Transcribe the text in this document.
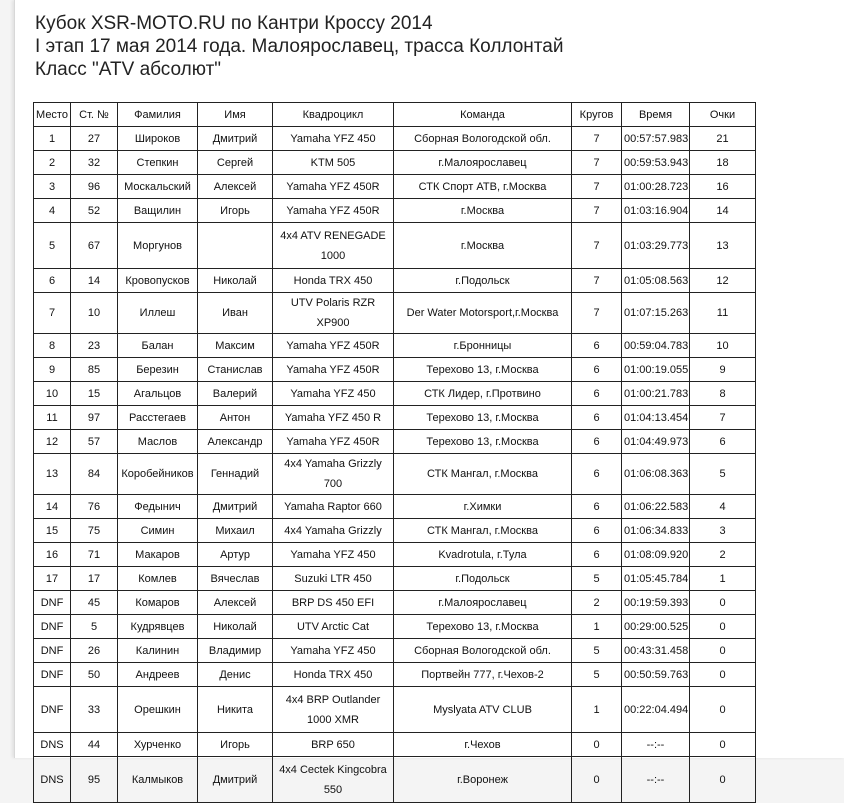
Кубок XSR-MOTO.RU по Кантри Кроссу 2014
I этап 17 мая 2014 года. Малоярославец, трасса Коллонтай
Класс "ATV абсолют"
Место	Ст. №	Фамилия	Имя	Квадроцикл	Команда	Кругов	Время	Очки
1	27	Широков	Дмитрий	Yamaha YFZ 450	Сборная Вологодской обл.	7	00:57:57.983	21
2	32	Степкин	Сергей	KTM 505	г.Малоярославец	7	00:59:53.943	18
3	96	Москальский	Алексей	Yamaha YFZ 450R	СТК Спорт АТВ, г.Москва	7	01:00:28.723	16
4	52	Ващилин	Игорь	Yamaha YFZ 450R	г.Москва	7	01:03:16.904	14
5	67	Моргунов		4x4 ATV RENEGADE 1000	г.Москва	7	01:03:29.773	13
6	14	Кровопусков	Николай	Honda TRX 450	г.Подольск	7	01:05:08.563	12
7	10	Иллеш	Иван	UTV Polaris RZR XP900	Der Water Motorsport,г.Москва	7	01:07:15.263	11
8	23	Балан	Максим	Yamaha YFZ 450R	г.Бронницы	6	00:59:04.783	10
9	85	Березин	Станислав	Yamaha YFZ 450R	Терехово 13, г.Москва	6	01:00:19.055	9
10	15	Агальцов	Валерий	Yamaha YFZ 450	СТК Лидер, г.Протвино	6	01:00:21.783	8
11	97	Расстегаев	Антон	Yamaha YFZ 450 R	Терехово 13, г.Москва	6	01:04:13.454	7
12	57	Маслов	Александр	Yamaha YFZ 450R	Терехово 13, г.Москва	6	01:04:49.973	6
13	84	Коробейников	Геннадий	4x4 Yamaha Grizzly 700	СТК Мангал, г.Москва	6	01:06:08.363	5
14	76	Федынич	Дмитрий	Yamaha Raptor 660	г.Химки	6	01:06:22.583	4
15	75	Симин	Михаил	4x4 Yamaha Grizzly	СТК Мангал, г.Москва	6	01:06:34.833	3
16	71	Макаров	Артур	Yamaha YFZ 450	Kvadrotula, г.Тула	6	01:08:09.920	2
17	17	Комлев	Вячеслав	Suzuki LTR 450	г.Подольск	5	01:05:45.784	1
DNF	45	Комаров	Алексей	BRP DS 450 EFI	г.Малоярославец	2	00:19:59.393	0
DNF	5	Кудрявцев	Николай	UTV Arctic Cat	Терехово 13, г.Москва	1	00:29:00.525	0
DNF	26	Калинин	Владимир	Yamaha YFZ 450	Сборная Вологодской обл.	5	00:43:31.458	0
DNF	50	Андреев	Денис	Honda TRX 450	Портвейн 777, г.Чехов-2	5	00:50:59.763	0
DNF	33	Орешкин	Никита	4x4 BRP Outlander 1000 XMR	Myslyata ATV CLUB	1	00:22:04.494	0
DNS	44	Хурченко	Игорь	BRP 650	г.Чехов	0	--:--	0
DNS	95	Калмыков	Дмитрий	4x4 Cectek Kingcobra 550	г.Воронеж	0	--:--	0
